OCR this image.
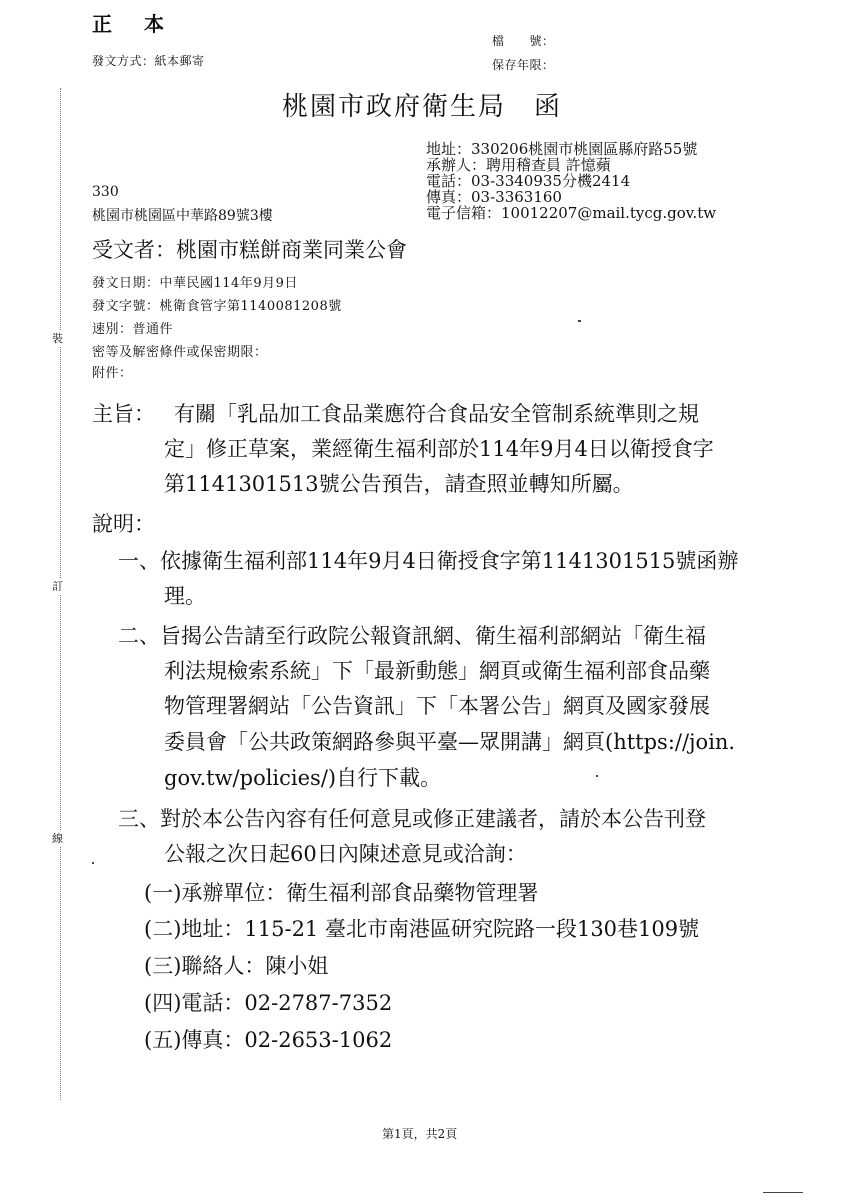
裝
訂
線
正　本
發文方式：紙本郵寄
檔　　號：
保存年限：
桃園市政府衛生局　函
地址：330206桃園市桃園區縣府路55號
承辦人：聘用稽查員 許憶蘋
電話：03-3340935分機2414
傳真：03-3363160
電子信箱：10012207@mail.tycg.gov.tw
330
桃園市桃園區中華路89號3樓
受文者：桃園市糕餅商業同業公會
發文日期：中華民國114年9月9日
發文字號：桃衛食管字第1140081208號
速別：普通件
密等及解密條件或保密期限：
附件：
主旨： 有關「乳品加工食品業應符合食品安全管制系統準則之規
定」修正草案，業經衛生福利部於114年9月4日以衛授食字
第1141301513號公告預告，請查照並轉知所屬。
說明：
一、依據衛生福利部114年9月4日衛授食字第1141301515號函辦
理。
二、旨揭公告請至行政院公報資訊網、衛生福利部網站「衛生福
利法規檢索系統」下「最新動態」網頁或衛生福利部食品藥
物管理署網站「公告資訊」下「本署公告」網頁及國家發展
委員會「公共政策網路參與平臺—眾開講」網頁(https://join.
gov.tw/policies/)自行下載。
三、對於本公告內容有任何意見或修正建議者，請於本公告刊登
公報之次日起60日內陳述意見或洽詢：
(一)承辦單位：衛生福利部食品藥物管理署
(二)地址：115-21 臺北市南港區研究院路一段130巷109號
(三)聯絡人：陳小姐
(四)電話：02-2787-7352
(五)傳真：02-2653-1062
第1頁，共2頁
